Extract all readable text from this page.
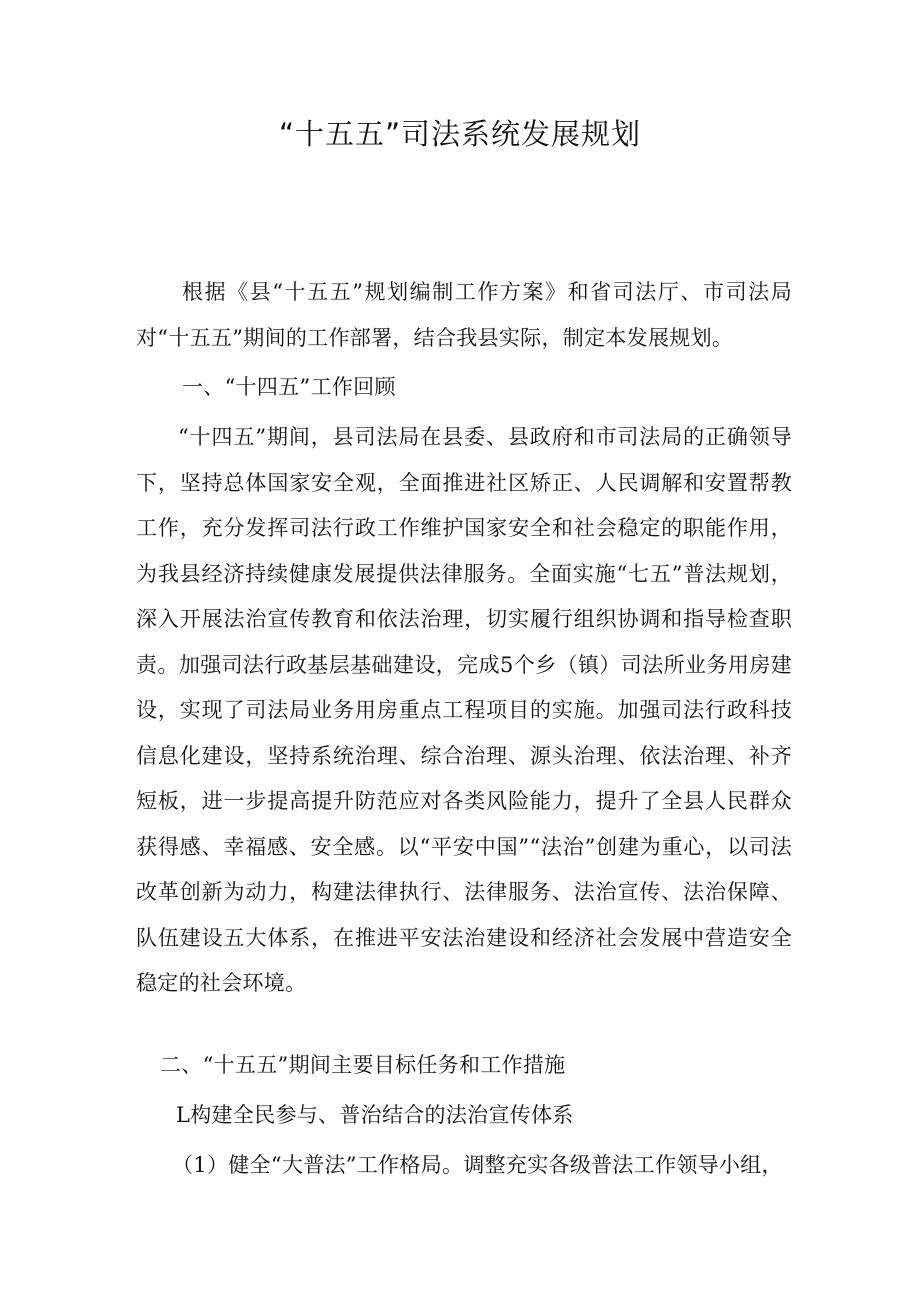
“十五五”司法系统发展规划

根据《县“十五五”规划编制工作方案》和省司法厅、市司法局对“十五五”期间的工作部署，结合我县实际，制定本发展规划。

一、“十四五”工作回顾

“十四五”期间，县司法局在县委、县政府和市司法局的正确领导下，坚持总体国家安全观，全面推进社区矫正、人民调解和安置帮教工作，充分发挥司法行政工作维护国家安全和社会稳定的职能作用，为我县经济持续健康发展提供法律服务。全面实施“七五”普法规划，深入开展法治宣传教育和依法治理，切实履行组织协调和指导检查职责。加强司法行政基层基础建设，完成5个乡（镇）司法所业务用房建设，实现了司法局业务用房重点工程项目的实施。加强司法行政科技信息化建设，坚持系统治理、综合治理、源头治理、依法治理、补齐短板，进一步提高提升防范应对各类风险能力，提升了全县人民群众获得感、幸福感、安全感。以“平安中国”“法治”创建为重心，以司法改革创新为动力，构建法律执行、法律服务、法治宣传、法治保障、队伍建设五大体系，在推进平安法治建设和经济社会发展中营造安全稳定的社会环境。

二、“十五五”期间主要目标任务和工作措施

L构建全民参与、普治结合的法治宣传体系

（1）健全“大普法”工作格局。调整充实各级普法工作领导小组，
